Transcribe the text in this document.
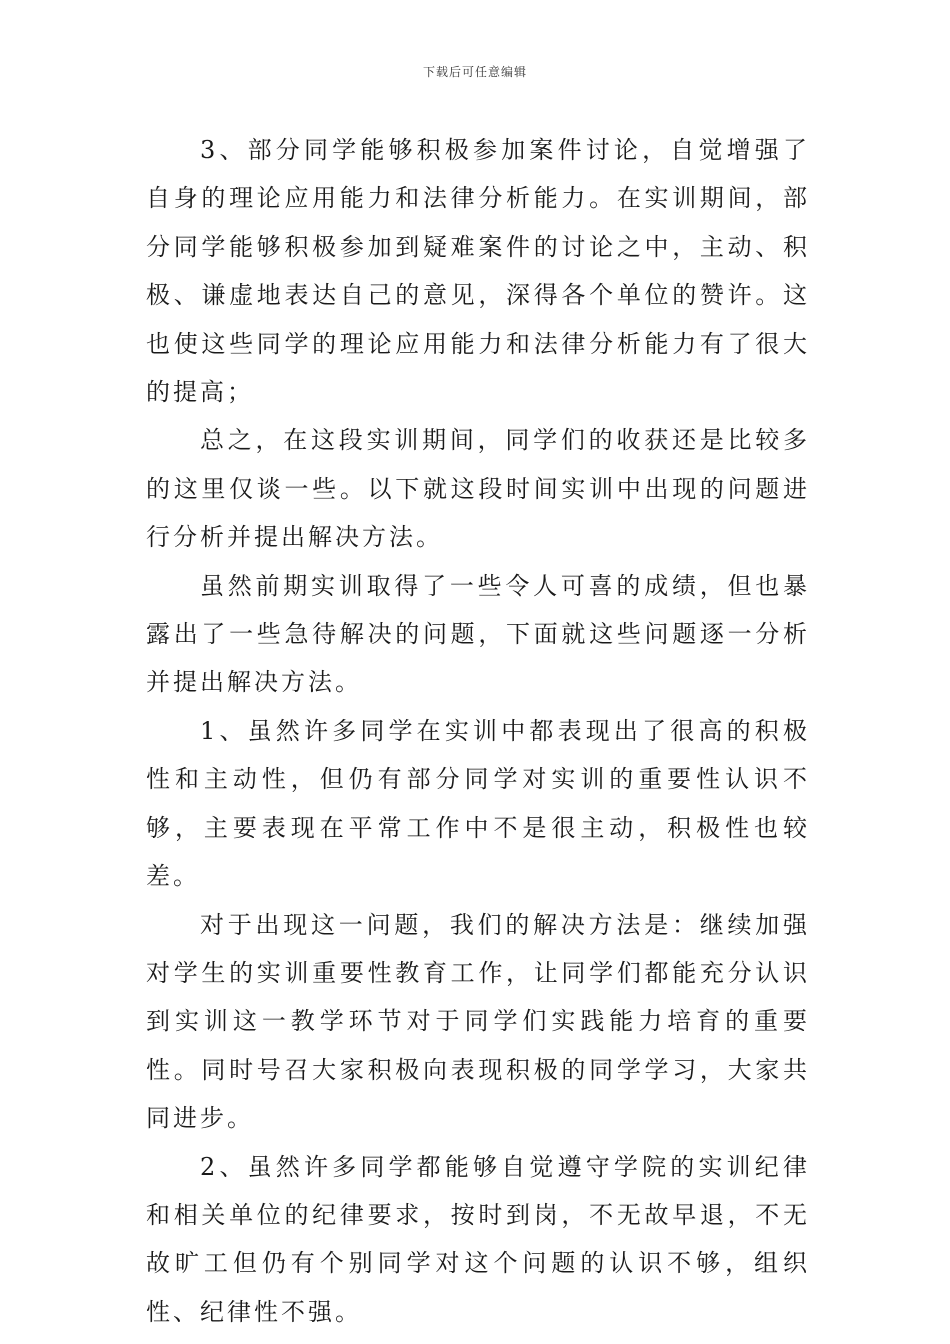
下载后可任意编辑

3、部分同学能够积极参加案件讨论，自觉增强了自身的理论应用能力和法律分析能力。在实训期间，部分同学能够积极参加到疑难案件的讨论之中，主动、积极、谦虚地表达自己的意见，深得各个单位的赞许。这也使这些同学的理论应用能力和法律分析能力有了很大的提高；

总之，在这段实训期间，同学们的收获还是比较多的这里仅谈一些。以下就这段时间实训中出现的问题进行分析并提出解决方法。

虽然前期实训取得了一些令人可喜的成绩，但也暴露出了一些急待解决的问题，下面就这些问题逐一分析并提出解决方法。

1、虽然许多同学在实训中都表现出了很高的积极性和主动性，但仍有部分同学对实训的重要性认识不够，主要表现在平常工作中不是很主动，积极性也较差。

对于出现这一问题，我们的解决方法是：继续加强对学生的实训重要性教育工作，让同学们都能充分认识到实训这一教学环节对于同学们实践能力培育的重要性。同时号召大家积极向表现积极的同学学习，大家共同进步。

2、虽然许多同学都能够自觉遵守学院的实训纪律和相关单位的纪律要求，按时到岗，不无故早退，不无故旷工但仍有个别同学对这个问题的认识不够，组织性、纪律性不强。
